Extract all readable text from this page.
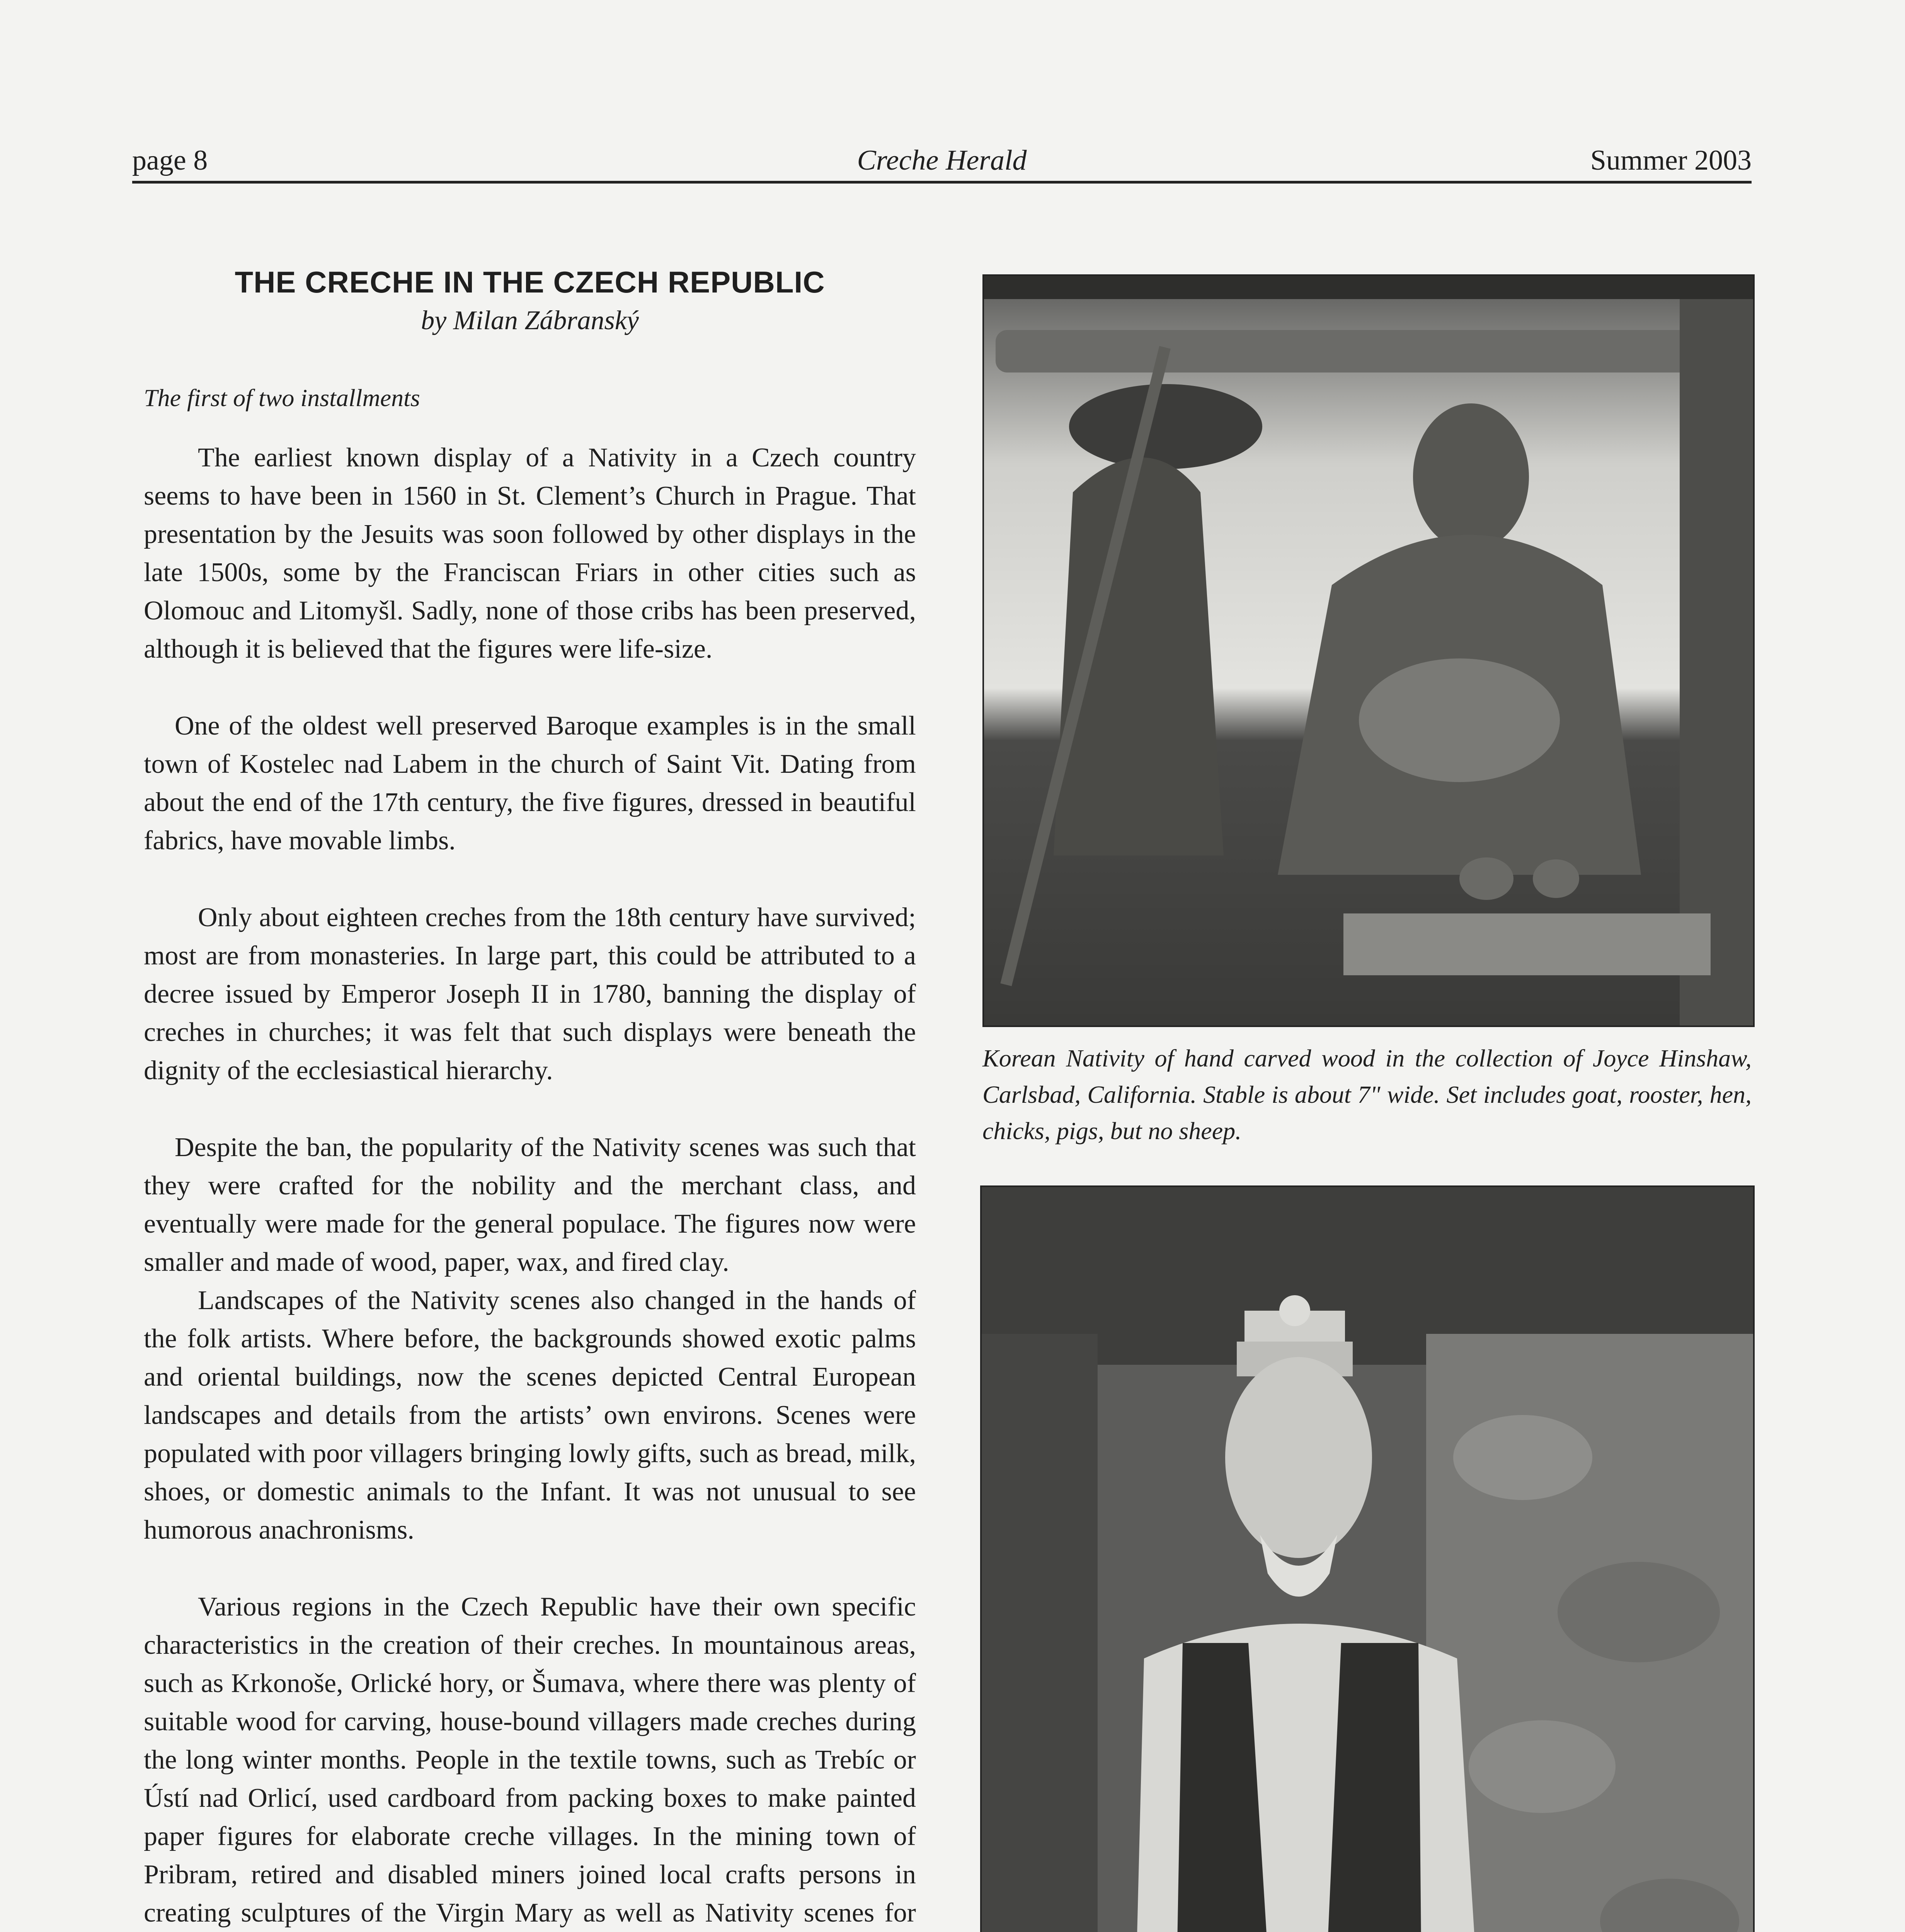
page 8	Creche Herald	Summer 2003
THE CRECHE IN THE CZECH REPUBLIC

by Milan Zábranský

The first of two installments

The earliest known display of a Nativity in a Czech country seems to have been in 1560 in St. Clement’s Church in Prague. That presentation by the Jesuits was soon followed by other displays in the late 1500s, some by the Franciscan Friars in other cities such as Olomouc and Litomyšl. Sadly, none of those cribs has been preserved, although it is believed that the figures were life-size.

One of the oldest well preserved Baroque examples is in the small town of Kostelec nad Labem in the church of Saint Vit. Dating from about the end of the 17th century, the five figures, dressed in beautiful fabrics, have movable limbs.

Only about eighteen creches from the 18th century have survived; most are from monasteries. In large part, this could be attributed to a decree issued by Emperor Joseph II in 1780, banning the display of creches in churches; it was felt that such displays were beneath the dignity of the ecclesiastical hierarchy.

Despite the ban, the popularity of the Nativity scenes was such that they were crafted for the nobility and the merchant class, and eventually were made for the general populace. The figures now were smaller and made of wood, paper, wax, and fired clay.

Landscapes of the Nativity scenes also changed in the hands of the folk artists. Where before, the backgrounds showed exotic palms and oriental buildings, now the scenes depicted Central European landscapes and details from the artists’ own environs. Scenes were populated with poor villagers bringing lowly gifts, such as bread, milk, shoes, or domestic animals to the Infant. It was not unusual to see humorous anachronisms.

Various regions in the Czech Republic have their own specific characteristics in the creation of their creches. In mountainous areas, such as Krkonoše, Orlické hory, or Šumava, where there was plenty of suitable wood for carving, house-bound villagers made creches during the long winter months. People in the textile towns, such as Trebíc or Ústí nad Orlicí, used cardboard from packing boxes to make painted paper figures for elaborate creche villages. In the mining town of Pribram, retired and disabled miners joined local crafts persons in creating sculptures of the Virgin Mary as well as Nativity scenes for

Korean Nativity of hand carved wood in the collection of Joyce Hinshaw, Carlsbad, California. Stable is about 7" wide. Set includes goat, rooster, hen, chicks, pigs, but no sheep.
